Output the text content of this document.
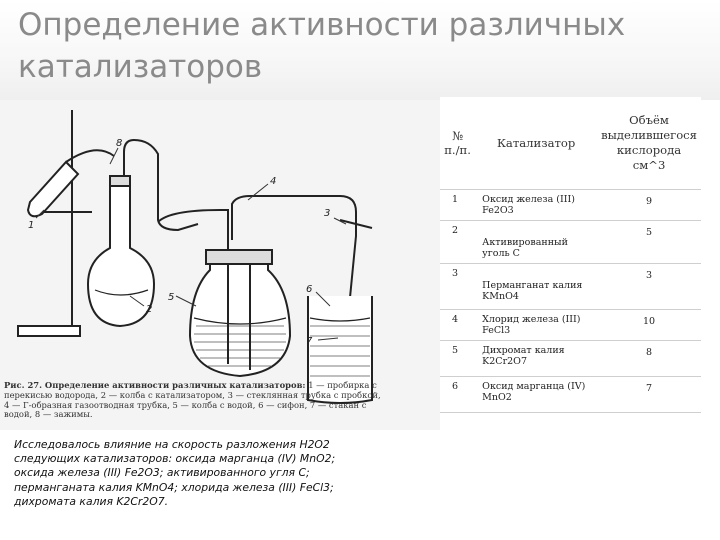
Определение активности различных катализаторов
8
4
1
2
5
6
7
3
Рис. 27. Определение активности различных катализаторов: 1 — пробирка с перекисью водорода, 2 — колба с катализатором, 3 — стеклянная трубка с пробкой, 4 — Г-образная газоотводная трубка, 5 — колба с водой, 6 — сифон, 7 — стакан с водой, 8 — зажимы.
Исследовалось влияние на скорость разложения H2O2 следующих катализаторов: оксида марганца (IV) MnO2; оксида железа (III) Fe2O3; активированного угля C; перманганата калия KMnO4; хлорида железа (III) FeCl3; дихромата калия K2Cr2O7.
№ п./п.	Катализатор	Объём выделившегося кислорода см^3
1	Оксид железа (III) Fe2O3	9
2	Активированный уголь С	5
3	Перманганат калия KMnO4	3
4	Хлорид железа (III) FeCl3	10
5	Дихромат калия K2Cr2O7	8
6	Оксид марганца (IV) MnO2	7
